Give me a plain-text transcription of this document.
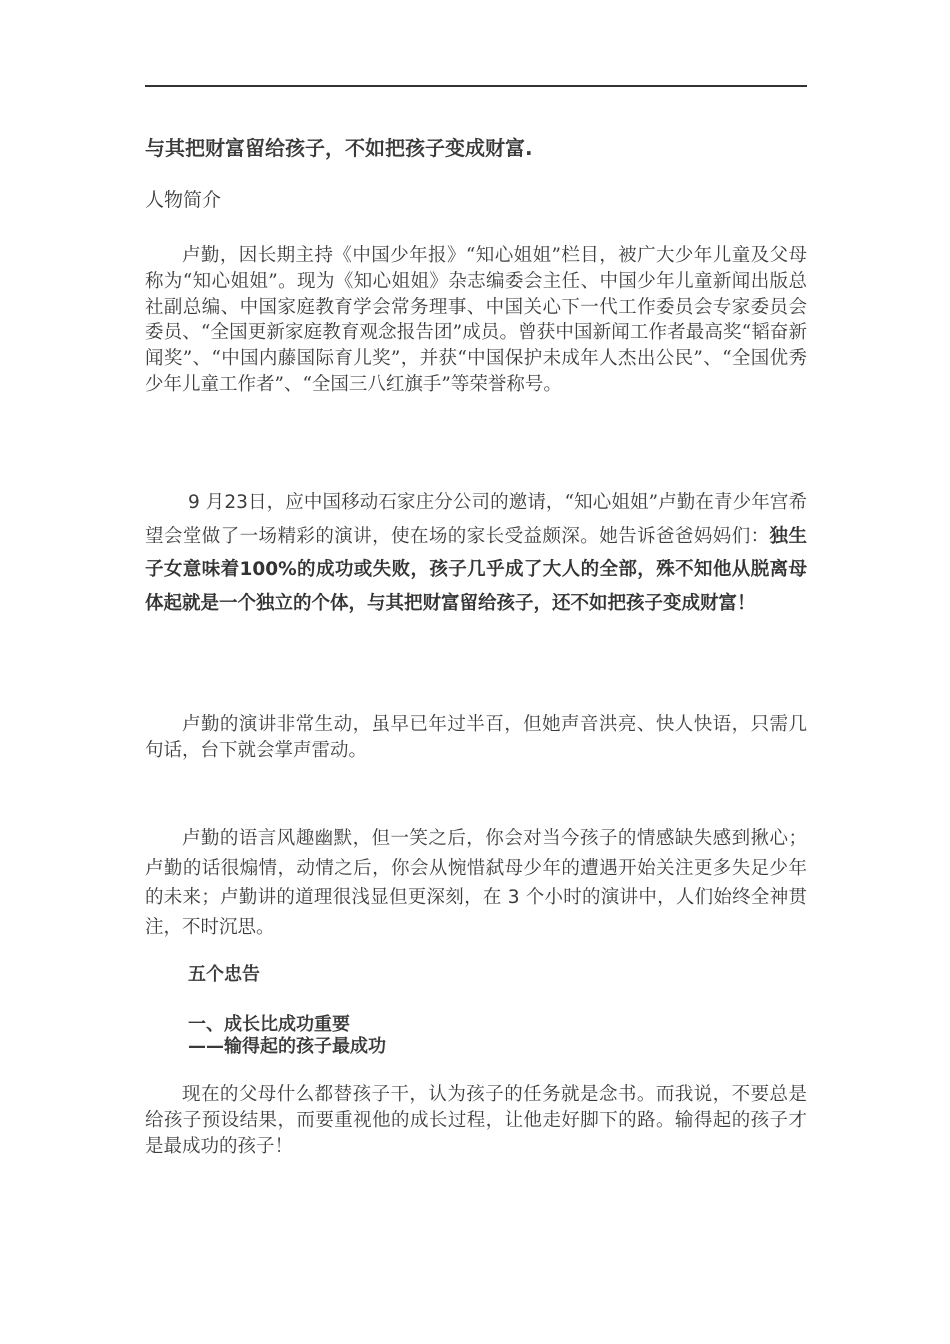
与其把财富留给孩子，不如把孩子变成财富.
人物简介

卢勤，因长期主持《中国少年报》“知心姐姐”栏目，被广大少年儿童及父母称为“知心姐姐”。现为《知心姐姐》杂志编委会主任、中国少年儿童新闻出版总社副总编、中国家庭教育学会常务理事、中国关心下一代工作委员会专家委员会委员、“全国更新家庭教育观念报告团”成员。曾获中国新闻工作者最高奖“韬奋新闻奖”、“中国内藤国际育儿奖”，并获“中国保护未成年人杰出公民”、“全国优秀少年儿童工作者”、“全国三八红旗手”等荣誉称号。

9 月23日，应中国移动石家庄分公司的邀请，“知心姐姐”卢勤在青少年宫希望会堂做了一场精彩的演讲，使在场的家长受益颇深。她告诉爸爸妈妈们：独生子女意味着100%的成功或失败，孩子几乎成了大人的全部，殊不知他从脱离母体起就是一个独立的个体，与其把财富留给孩子，还不如把孩子变成财富！

卢勤的演讲非常生动，虽早已年过半百，但她声音洪亮、快人快语，只需几句话，台下就会掌声雷动。

卢勤的语言风趣幽默，但一笑之后，你会对当今孩子的情感缺失感到揪心；卢勤的话很煽情，动情之后，你会从惋惜弑母少年的遭遇开始关注更多失足少年的未来；卢勤讲的道理很浅显但更深刻，在 3 个小时的演讲中，人们始终全神贯注，不时沉思。

五个忠告
一、成长比成功重要
——输得起的孩子最成功

现在的父母什么都替孩子干，认为孩子的任务就是念书。而我说，不要总是给孩子预设结果，而要重视他的成长过程，让他走好脚下的路。输得起的孩子才是最成功的孩子！
